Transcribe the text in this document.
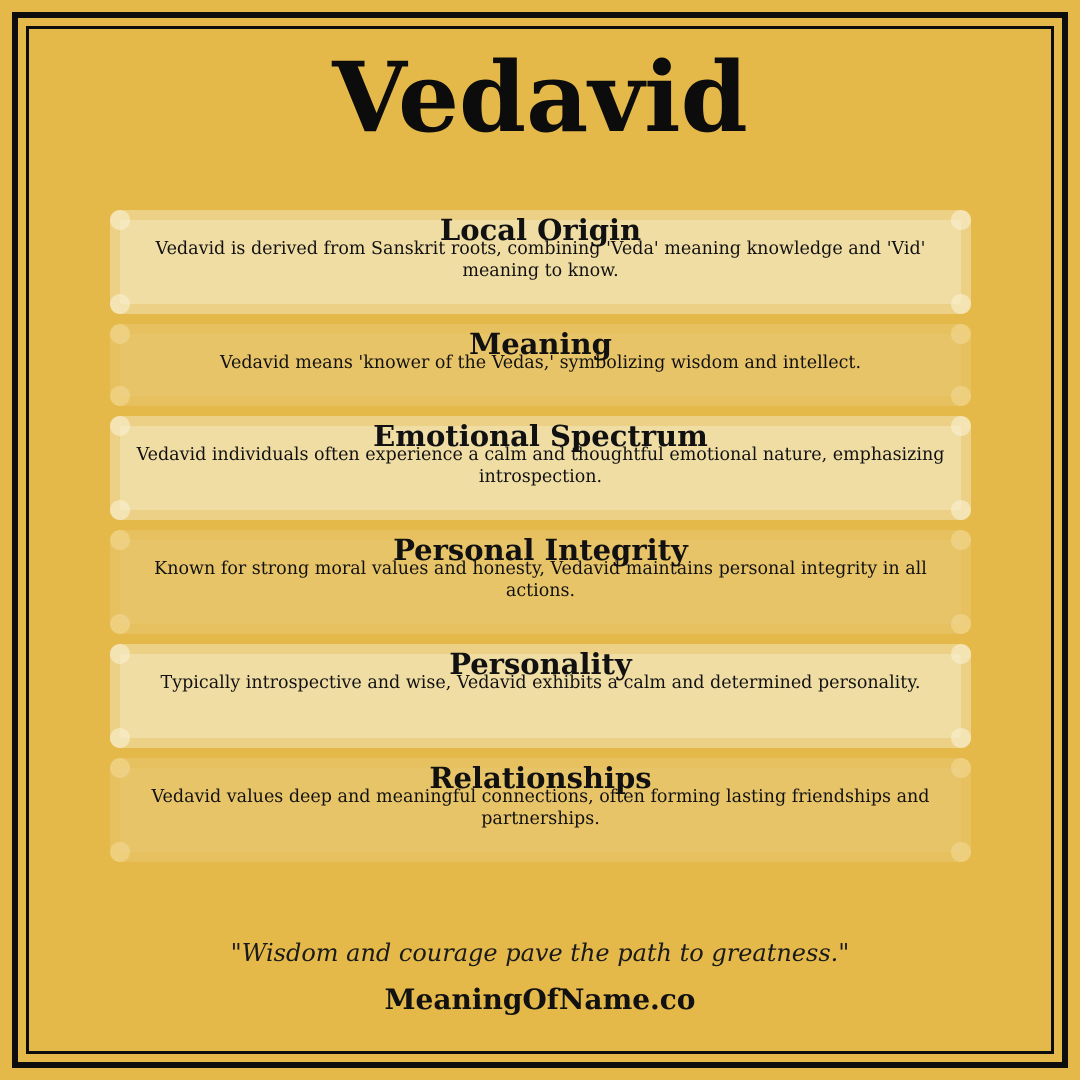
Vedavid
Local Origin

Vedavid is derived from Sanskrit roots, combining 'Veda' meaning knowledge and 'Vid' meaning to know.

Meaning

Vedavid means 'knower of the Vedas,' symbolizing wisdom and intellect.

Emotional Spectrum

Vedavid individuals often experience a calm and thoughtful emotional nature, emphasizing introspection.

Personal Integrity

Known for strong moral values and honesty, Vedavid maintains personal integrity in all actions.

Personality

Typically introspective and wise, Vedavid exhibits a calm and determined personality.

Relationships

Vedavid values deep and meaningful connections, often forming lasting friendships and partnerships.

"Wisdom and courage pave the path to greatness."
MeaningOfName.co
